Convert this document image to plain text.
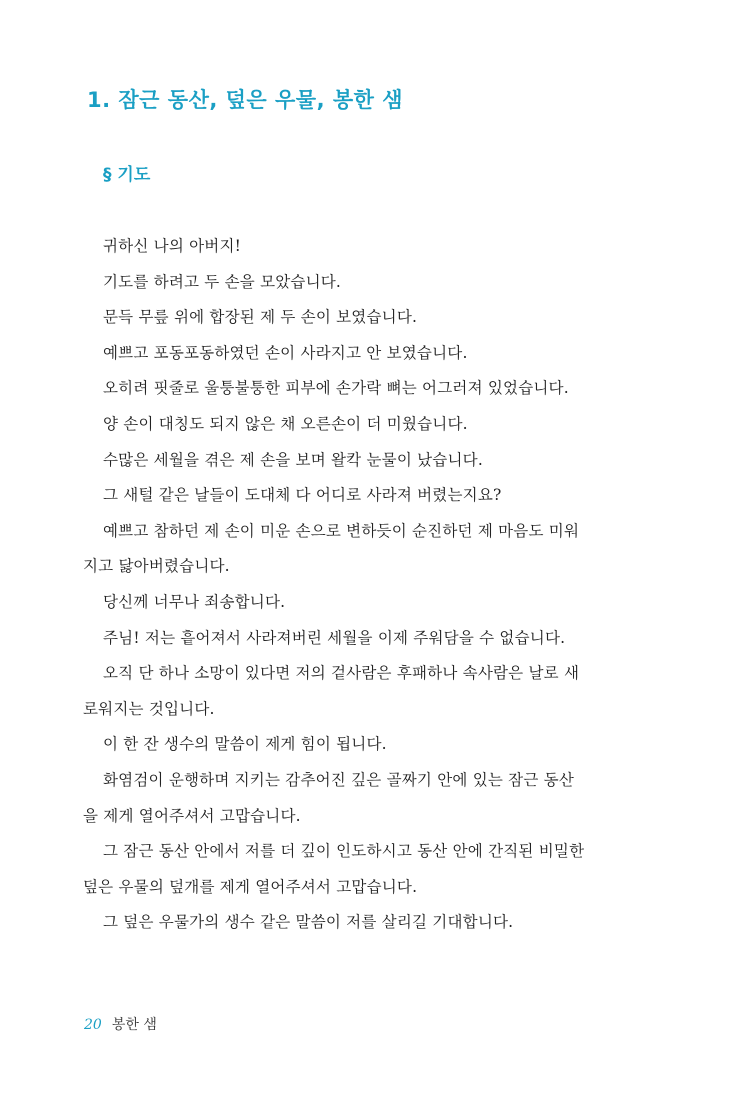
1. 잠근 동산, 덮은 우물, 봉한 샘
§ 기도
귀하신 나의 아버지!
기도를 하려고 두 손을 모았습니다.
문득 무릎 위에 합장된 제 두 손이 보였습니다.
예쁘고 포동포동하였던 손이 사라지고 안 보였습니다.
오히려 핏줄로 울퉁불퉁한 피부에 손가락 뼈는 어그러져 있었습니다.
양 손이 대칭도 되지 않은 채 오른손이 더 미웠습니다.
수많은 세월을 겪은 제 손을 보며 왈칵 눈물이 났습니다.
그 새털 같은 날들이 도대체 다 어디로 사라져 버렸는지요?
예쁘고 참하던 제 손이 미운 손으로 변하듯이 순진하던 제 마음도 미워
지고 닳아버렸습니다.
당신께 너무나 죄송합니다.
주님! 저는 흩어져서 사라져버린 세월을 이제 주워담을 수 없습니다.
오직 단 하나 소망이 있다면 저의 겉사람은 후패하나 속사람은 날로 새
로워지는 것입니다.
이 한 잔 생수의 말씀이 제게 힘이 됩니다.
화염검이 운행하며 지키는 감추어진 깊은 골짜기 안에 있는 잠근 동산
을 제게 열어주셔서 고맙습니다.
그 잠근 동산 안에서 저를 더 깊이 인도하시고 동산 안에 간직된 비밀한
덮은 우물의 덮개를 제게 열어주셔서 고맙습니다.
그 덮은 우물가의 생수 같은 말씀이 저를 살리길 기대합니다.
20 봉한 샘
